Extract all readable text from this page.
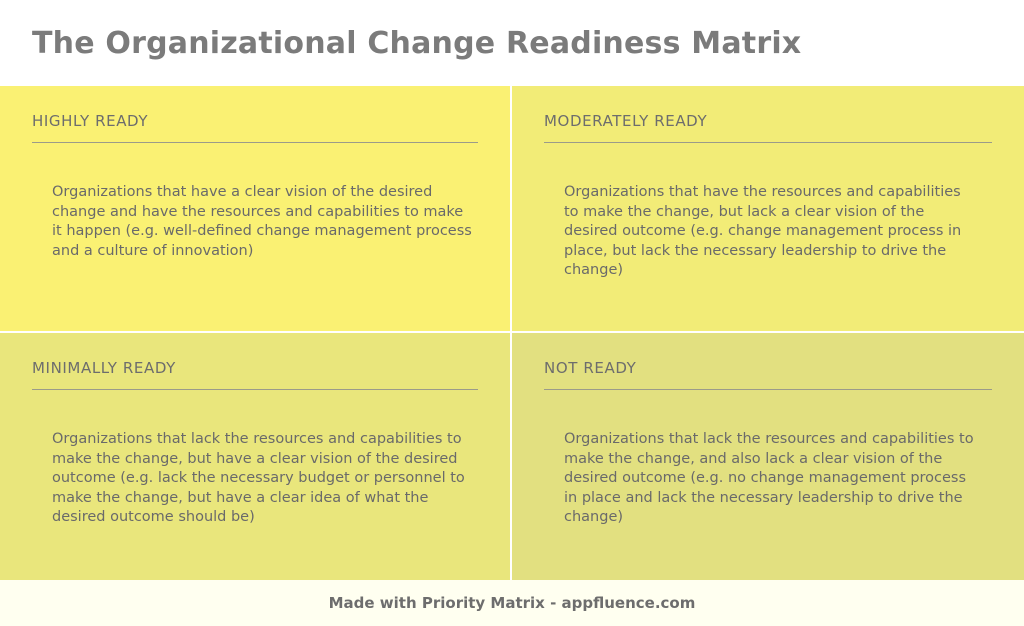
The Organizational Change Readiness Matrix
HIGHLY READY
Organizations that have a clear vision of the desired change and have the resources and capabilities to make it happen (e.g. well-defined change management process and a culture of innovation)
MODERATELY READY
Organizations that have the resources and capabilities to make the change, but lack a clear vision of the desired outcome (e.g. change management process in place, but lack the necessary leadership to drive the change)
MINIMALLY READY
Organizations that lack the resources and capabilities to make the change, but have a clear vision of the desired outcome (e.g. lack the necessary budget or personnel to make the change, but have a clear idea of what the desired outcome should be)
NOT READY
Organizations that lack the resources and capabilities to make the change, and also lack a clear vision of the desired outcome (e.g. no change management process in place and lack the necessary leadership to drive the change)
Made with Priority Matrix - appfluence.com
